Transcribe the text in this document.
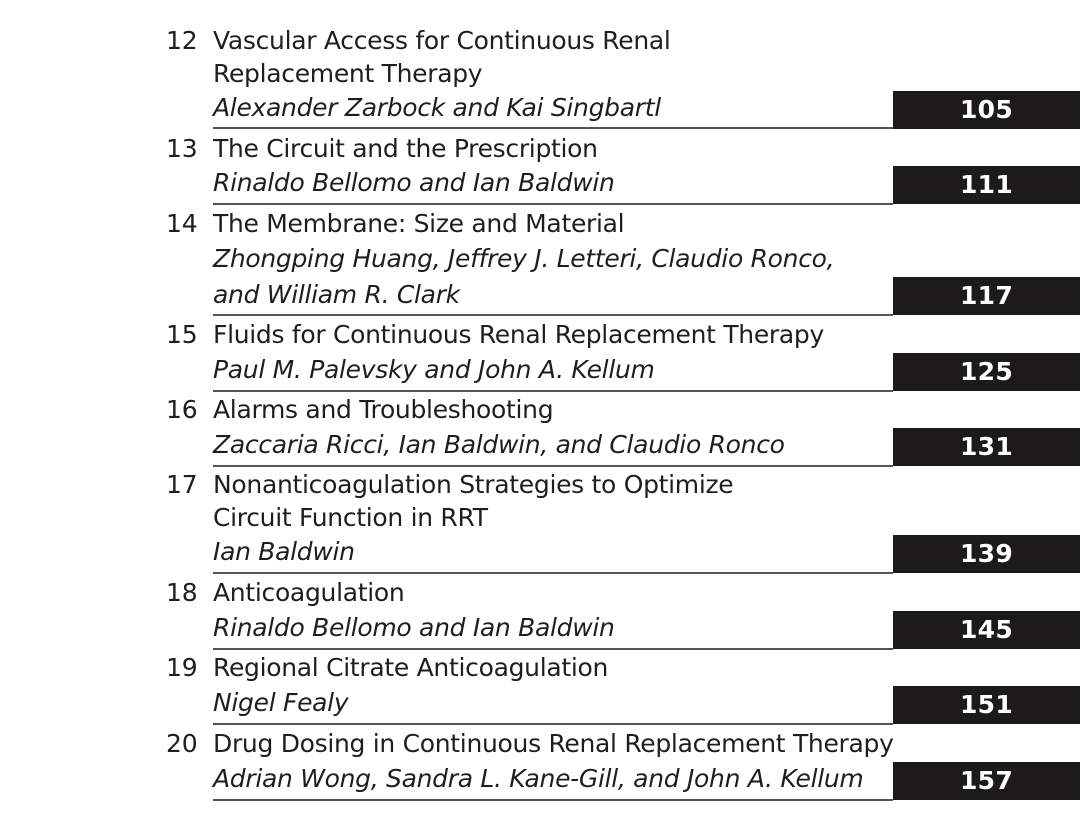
12 Vascular Access for Continuous Renal
Replacement Therapy
Alexander Zarbock and Kai Singbartl	105
13 The Circuit and the Prescription
Rinaldo Bellomo and Ian Baldwin	111
14 The Membrane: Size and Material
Zhongping Huang, Jeffrey J. Letteri, Claudio Ronco,
and William R. Clark	117
15 Fluids for Continuous Renal Replacement Therapy
Paul M. Palevsky and John A. Kellum	125
16 Alarms and Troubleshooting
Zaccaria Ricci, Ian Baldwin, and Claudio Ronco	131
17 Nonanticoagulation Strategies to Optimize
Circuit Function in RRT
Ian Baldwin	139
18 Anticoagulation
Rinaldo Bellomo and Ian Baldwin	145
19 Regional Citrate Anticoagulation
Nigel Fealy	151
20 Drug Dosing in Continuous Renal Replacement Therapy
Adrian Wong, Sandra L. Kane-Gill, and John A. Kellum	157
